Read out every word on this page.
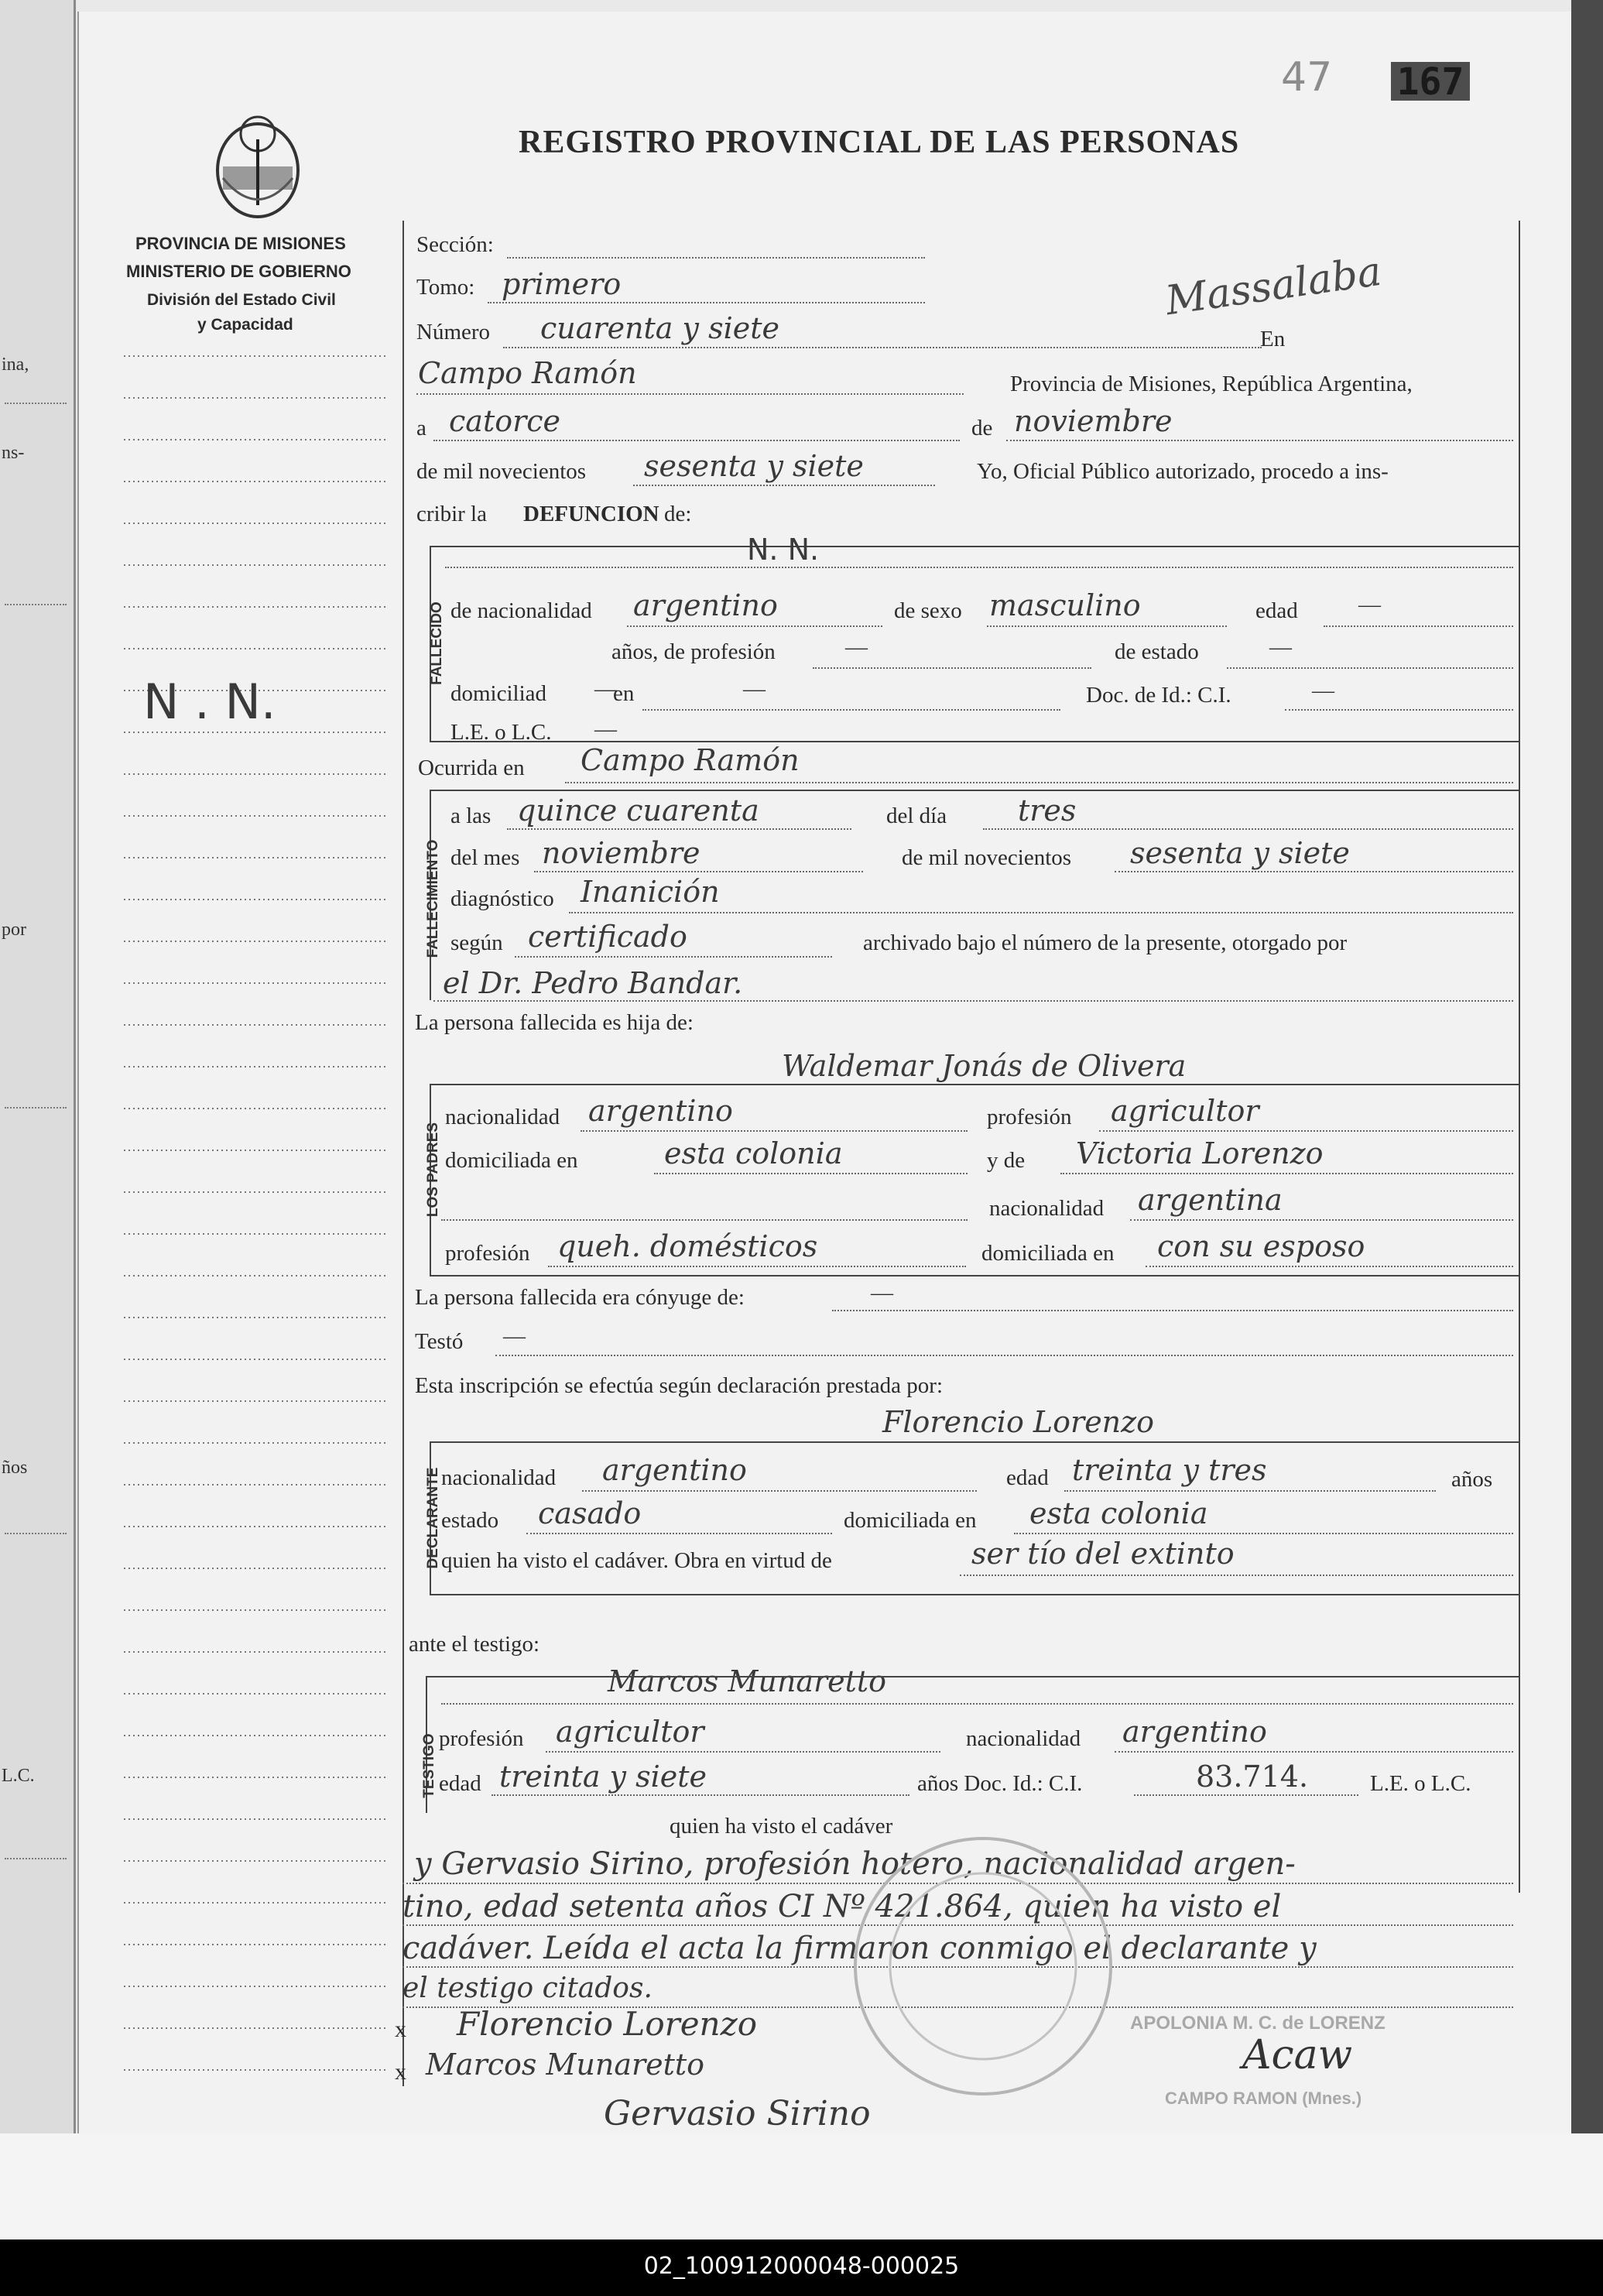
ina,
ns-
por
ños
L.C.
REGISTRO PROVINCIAL DE LAS PERSONAS
47 167
PROVINCIA DE MISIONES
MINISTERIO DE GOBIERNO
División del Estado Civil
y Capacidad
N . N.
Sección:
Tomo: primero
Número cuarenta y siete	En
Massalaba
Campo Ramón	Provincia de Misiones, República Argentina,
a catorce	de noviembre
de mil novecientos sesenta y siete	Yo, Oficial Público autorizado, procedo a ins-
cribir la DEFUNCION de:
FALLECIDO
N. N.
de nacionalidad argentino	de sexo masculino	edad	—
años, de profesión	—	de estado	—
domiciliad —
en	—	Doc. de Id.: C.I.	—
L.E. o L.C. —
Ocurrida en Campo Ramón
FALLECIMIENTO
a las quince cuarenta	del día tres
del mes noviembre	de mil novecientos sesenta y siete
diagnóstico Inanición
según certificado	archivado bajo el número de la presente, otorgado por
el Dr. Pedro Bandar.
La persona fallecida es hija de:
Waldemar Jonás de Olivera
LOS PADRES
nacionalidad argentino	profesión agricultor
domiciliada en	esta colonia	y de Victoria Lorenzo
nacionalidad argentina
profesión queh. domésticos	domiciliada en con su esposo
La persona fallecida era cónyuge de:	—
Testó —
Esta inscripción se efectúa según declaración prestada por:
Florencio Lorenzo
DECLARANTE nacionalidad argentino	edad treinta y tres	años
estado casado	domiciliada en esta colonia
quien ha visto el cadáver. Obra en virtud de	ser tío del extinto
ante el testigo:
Marcos Munaretto
TESTIGO profesión agricultor	nacionalidad argentino
edad treinta y siete	años Doc. Id.: C.I.	83.714.	L.E. o L.C.
quien ha visto el cadáver
y Gervasio Sirino, profesión hotero, nacionalidad argen-
tino, edad setenta años CI Nº 421.864, quien ha visto el
cadáver. Leída el acta la firmaron conmigo el declarante y
el testigo citados.
x Florencio Lorenzo
x Marcos Munaretto
Gervasio Sirino
APOLONIA M. C. de LORENZ
CAMPO RAMON (Mnes.)
Acaw
02_100912000048-000025
